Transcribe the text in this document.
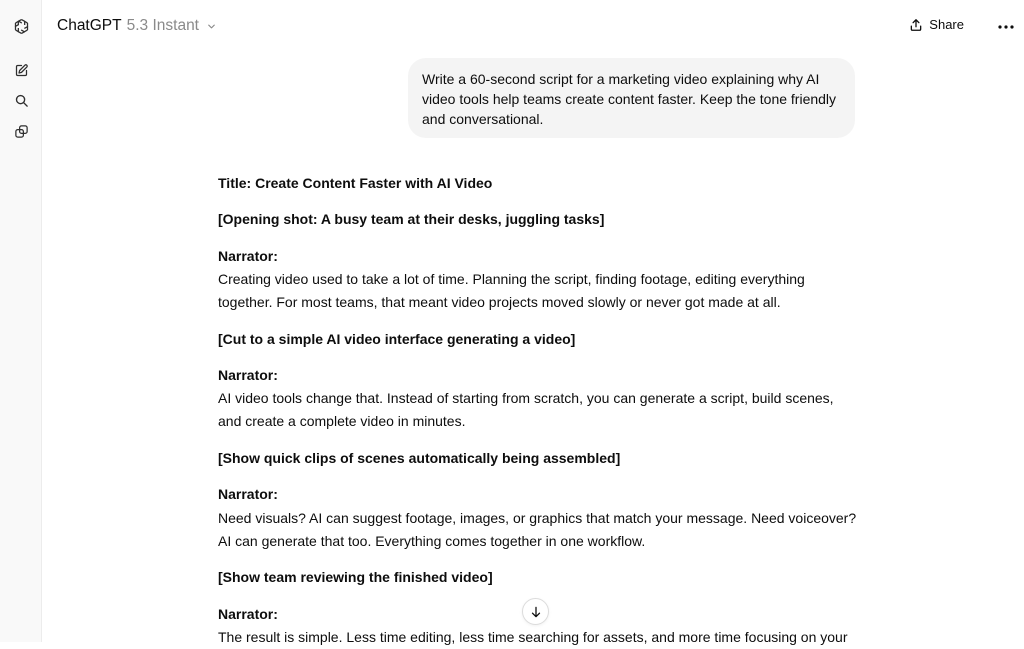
ChatGPT 5.3 Instant	Share
Write a 60-second script for a marketing video explaining why AI video tools help teams create content faster. Keep the tone friendly and conversational.
Title: Create Content Faster with AI Video
[Opening shot: A busy team at their desks, juggling tasks]
Narrator:
Creating video used to take a lot of time. Planning the script, finding footage, editing everything together. For most teams, that meant video projects moved slowly or never got made at all.
[Cut to a simple AI video interface generating a video]
Narrator:
AI video tools change that. Instead of starting from scratch, you can generate a script, build scenes, and create a complete video in minutes.
[Show quick clips of scenes automatically being assembled]
Narrator:
Need visuals? AI can suggest footage, images, or graphics that match your message. Need voiceover? AI can generate that too. Everything comes together in one workflow.
[Show team reviewing the finished video]
Narrator:
The result is simple. Less time editing, less time searching for assets, and more time focusing on your
